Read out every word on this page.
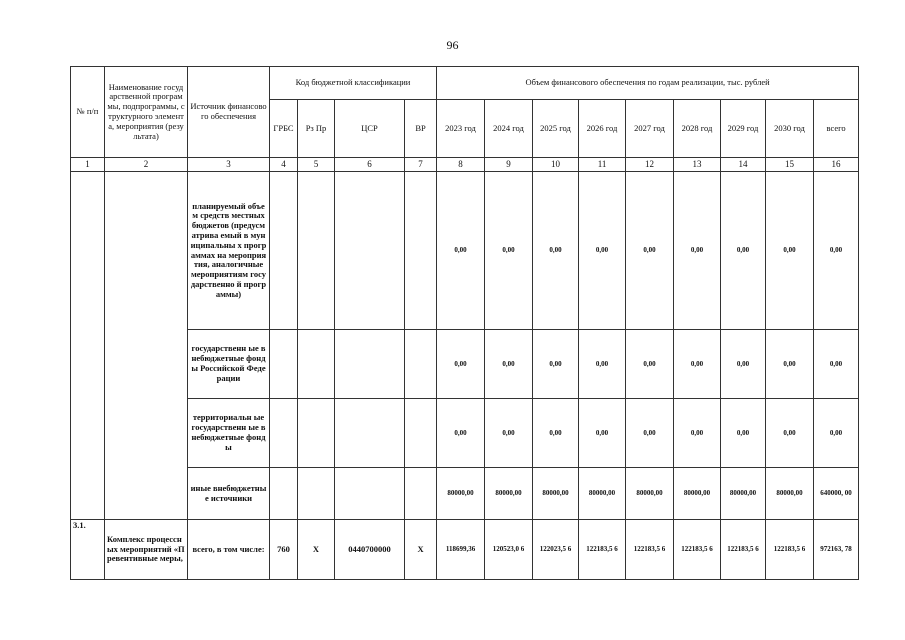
96
№ п/п	Наименование государственной программы, подпрограммы, структурного элемента, мероприятия (результата)	Источник финансового обеспечения	Код бюджетной классификации				Объем финансового обеспечения по годам реализации, тыс. рублей								
			ГРБС	Рз Пр	ЦСР	ВР	2023 год	2024 год	2025 год	2026 год	2027 год	2028 год	2029 год	2030 год	всего
1	2	3	4	5	6	7	8	9	10	11	12	13	14	15	16
		планируемый объем средств местных бюджетов (предусматрива емый в муниципальны х программах на мероприятия, аналогичные мероприятиям государственно й программы)					0,00	0,00	0,00	0,00	0,00	0,00	0,00	0,00	0,00
		государственн ые внебюджетные фонды Российской Федерации					0,00	0,00	0,00	0,00	0,00	0,00	0,00	0,00	0,00
		территориальн ые государственн ые внебюджетные фонды					0,00	0,00	0,00	0,00	0,00	0,00	0,00	0,00	0,00
		иные внебюджетные источники					80000,00	80000,00	80000,00	80000,00	80000,00	80000,00	80000,00	80000,00	640000, 00
3.1.	Комплекс процессных мероприятий «Превентивные меры,	всего, в том числе:	760	Х	0440700000	Х	118699,36	120523,0 6	122023,5 6	122183,5 6	122183,5 6	122183,5 6	122183,5 6	122183,5 6	972163, 78
